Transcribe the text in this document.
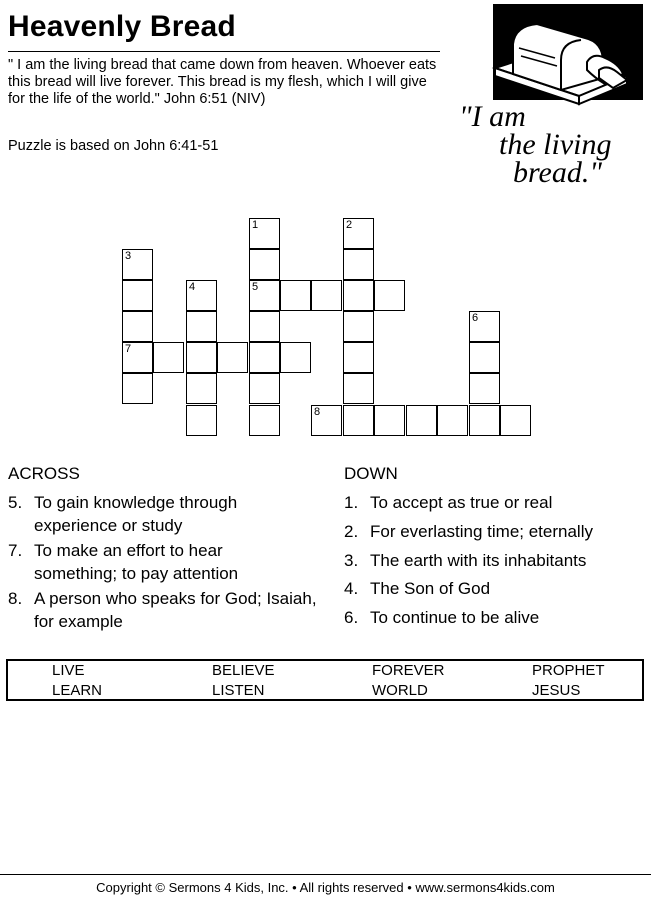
Heavenly Bread
" I am the living bread that came down from heaven. Whoever eats this bread will live forever. This bread is my flesh, which I will give for the life of the world." John 6:51 (NIV)
Puzzle is based on John 6:41-51
"I am
the living
bread."
1
5
2
3
7
4
6
8
ACROSS
5. To gain knowledge through experience or study
7. To make an effort to hear something; to pay attention
8. A person who speaks for God; Isaiah, for example
DOWN
1. To accept as true or real
2. For everlasting time; eternally
3. The earth with its inhabitants
4. The Son of God
6. To continue to be alive
LIVE	BELIEVE	FOREVER	PROPHET
LEARN	LISTEN	WORLD	JESUS
Copyright © Sermons 4 Kids, Inc. • All rights reserved • www.sermons4kids.com
